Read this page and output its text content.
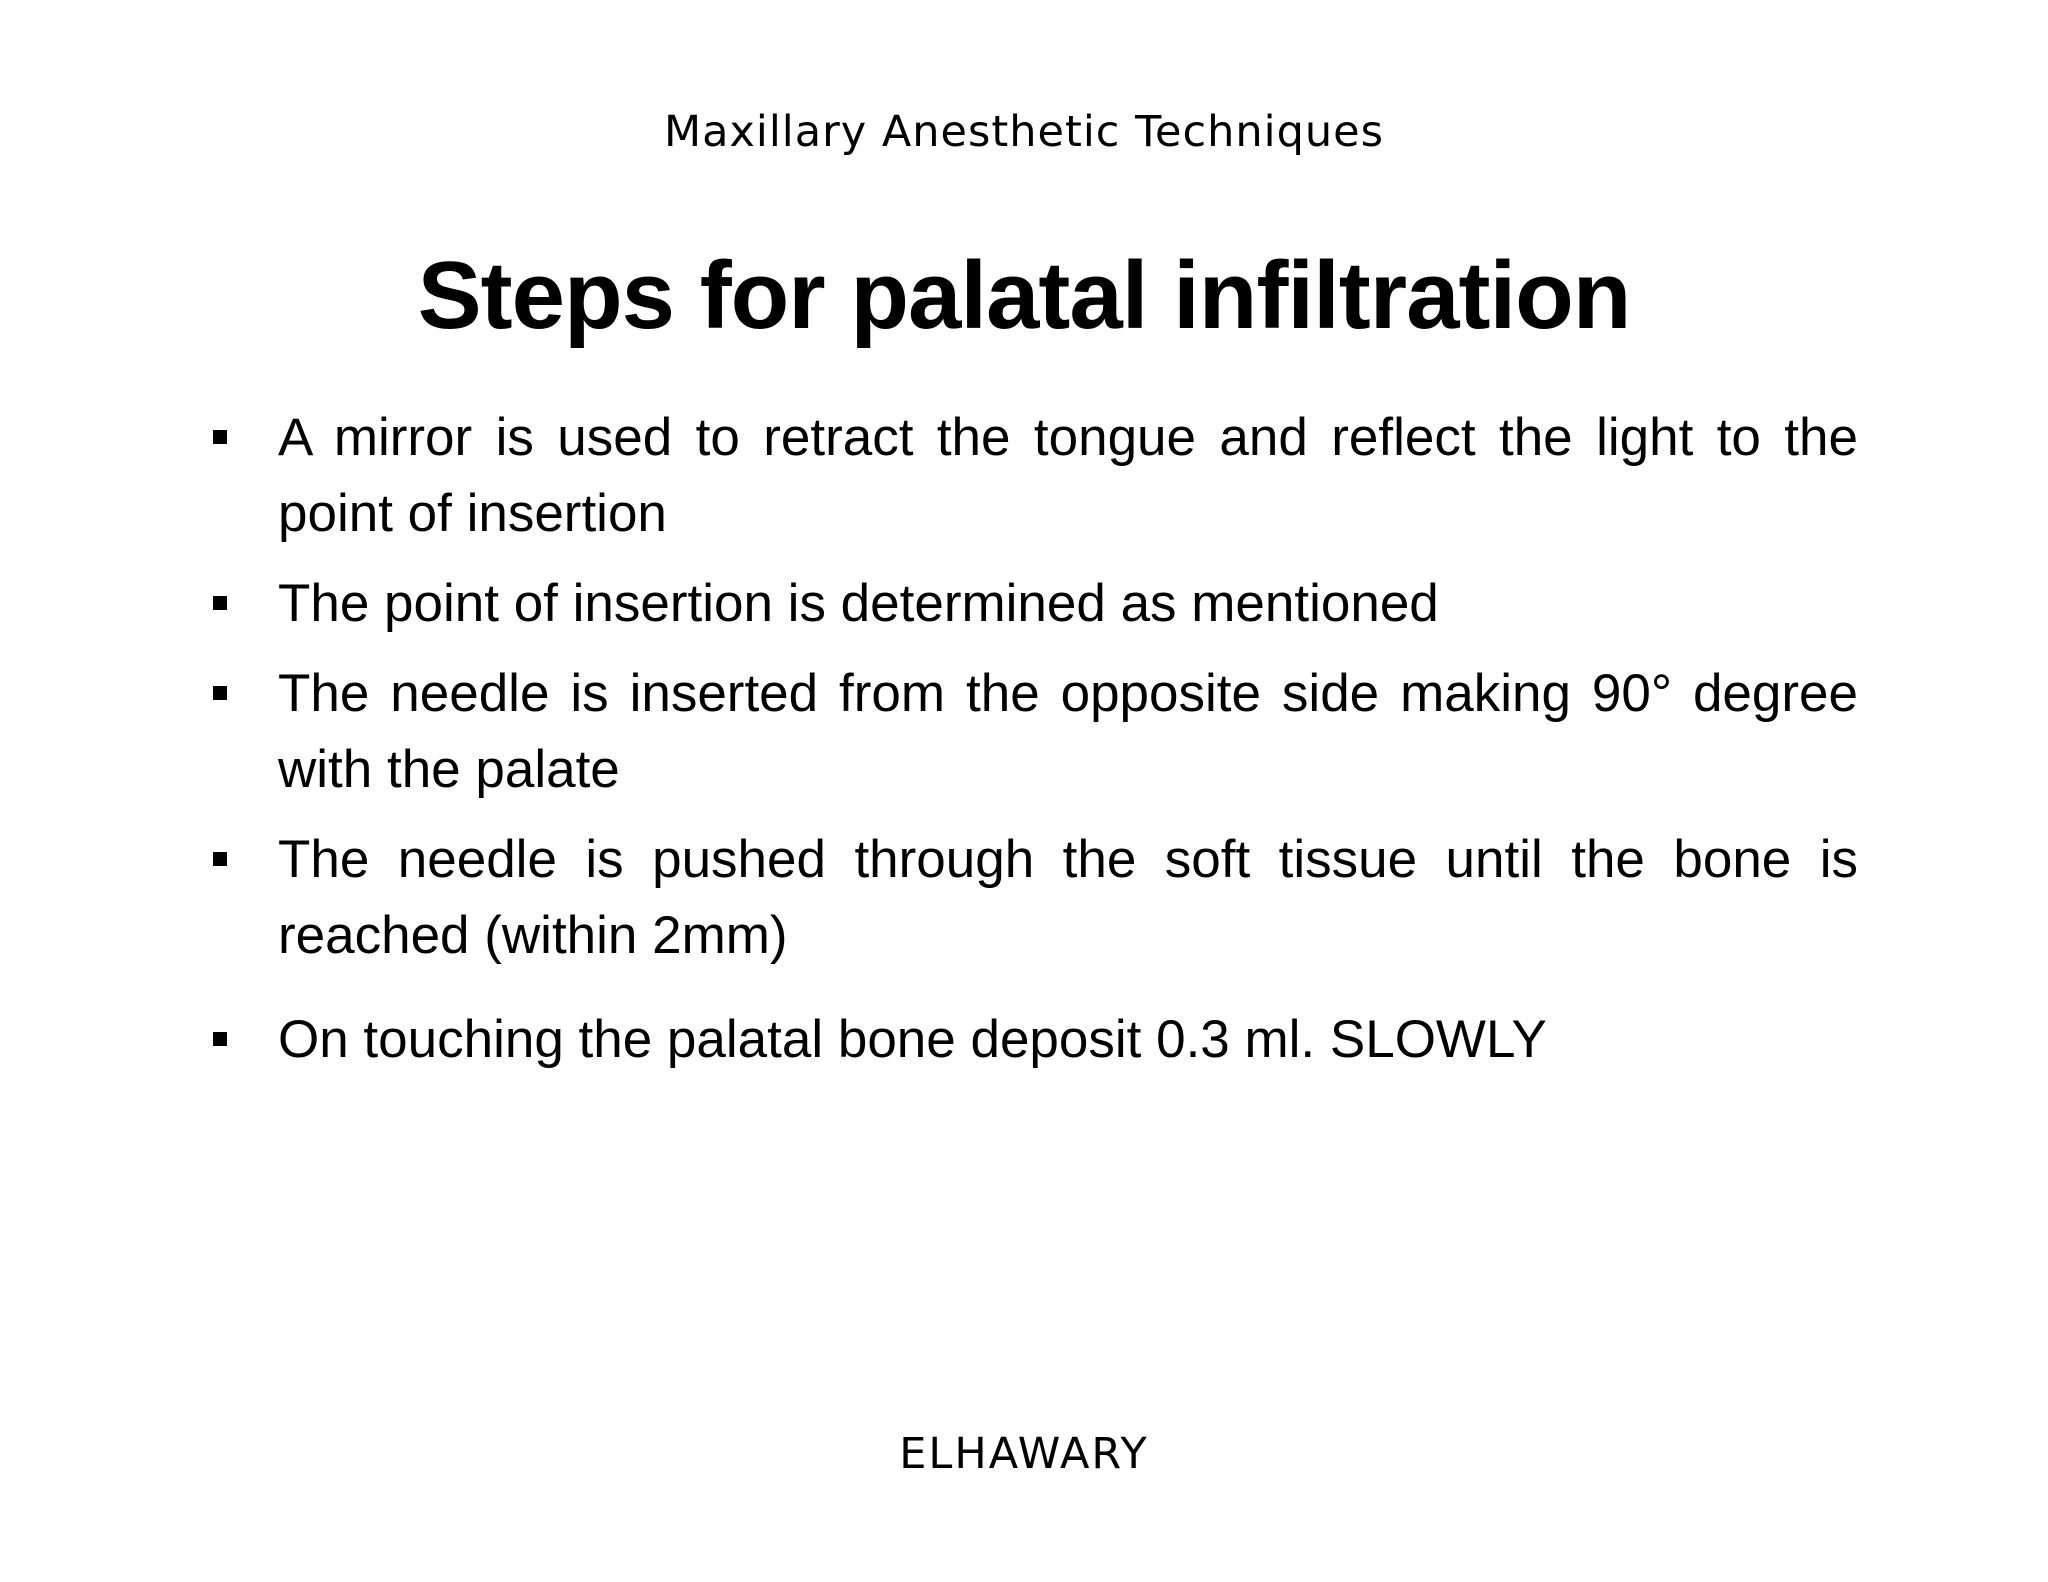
Maxillary Anesthetic Techniques
Steps for palatal infiltration
A mirror is used to retract the tongue and reflect the light to the point of insertion
The point of insertion is determined as mentioned
The needle is inserted from the opposite side making 90° degree with the palate
The needle is pushed through the soft tissue until the bone is reached (within 2mm)
On touching the palatal bone deposit 0.3 ml. SLOWLY
ELHAWARY
